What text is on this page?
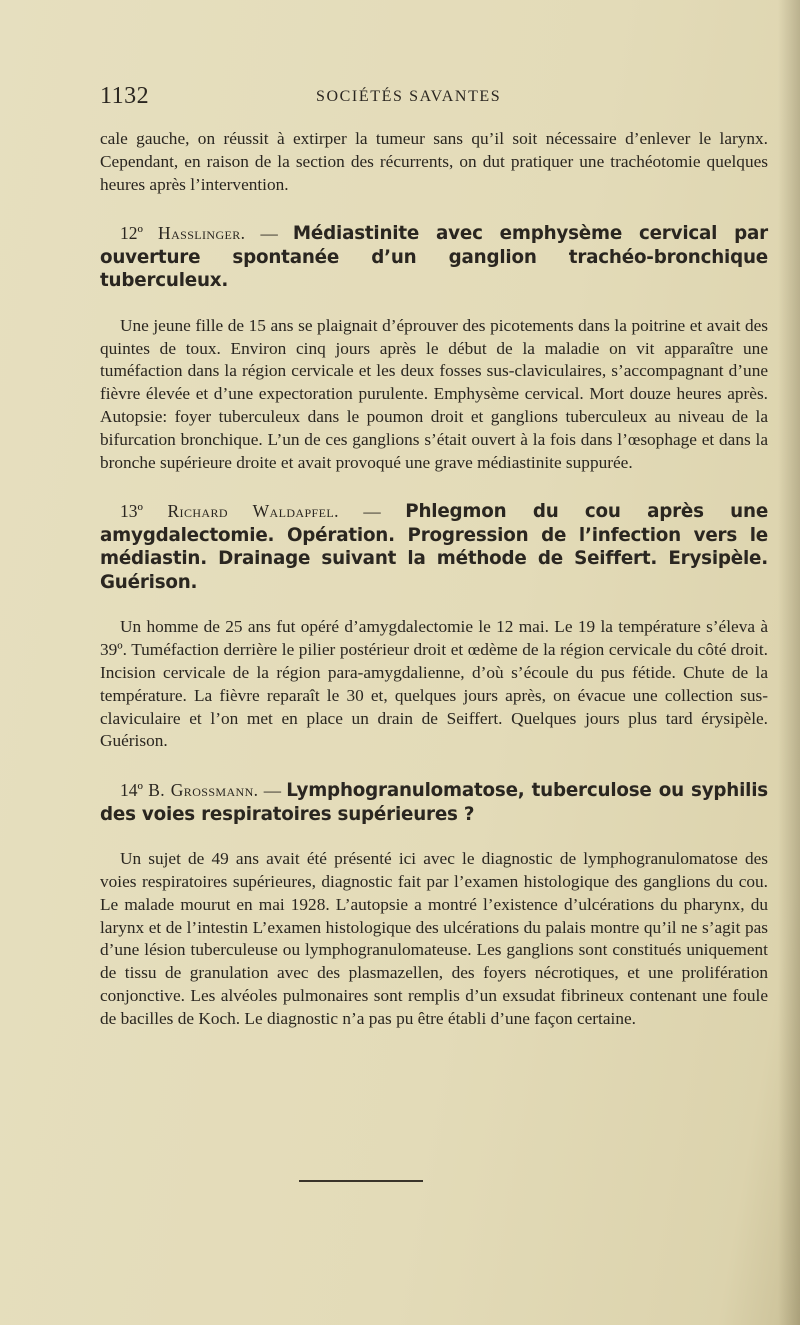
1132	SOCIÉTÉS SAVANTES

cale gauche, on réussit à extirper la tumeur sans qu’il soit nécessaire d’enlever le larynx. Cependant, en raison de la section des récurrents, on dut pratiquer une trachéotomie quelques heures après l’intervention.

12º Hasslinger. — Médiastinite avec emphysème cervical par ouverture spontanée d’un ganglion trachéo-bronchique tuberculeux.

Une jeune fille de 15 ans se plaignait d’éprouver des picotements dans la poitrine et avait des quintes de toux. Environ cinq jours après le début de la maladie on vit apparaître une tuméfaction dans la région cervicale et les deux fosses sus-claviculaires, s’accompagnant d’une fièvre élevée et d’une expectoration purulente. Emphysème cervical. Mort douze heures après. Autopsie: foyer tuberculeux dans le poumon droit et ganglions tuberculeux au niveau de la bifurcation bronchique. L’un de ces ganglions s’était ouvert à la fois dans l’œsophage et dans la bronche supérieure droite et avait provoqué une grave médiastinite suppurée.

13º Richard Waldapfel. — Phlegmon du cou après une amygdalectomie. Opération. Progression de l’infection vers le médiastin. Drainage suivant la méthode de Seiffert. Erysipèle. Guérison.

Un homme de 25 ans fut opéré d’amygdalectomie le 12 mai. Le 19 la température s’éleva à 39º. Tuméfaction derrière le pilier postérieur droit et œdème de la région cervicale du côté droit. Incision cervicale de la région para-amygdalienne, d’où s’écoule du pus fétide. Chute de la température. La fièvre reparaît le 30 et, quelques jours après, on évacue une collection sus-claviculaire et l’on met en place un drain de Seiffert. Quelques jours plus tard érysipèle. Guérison.

14º B. Grossmann. — Lymphogranulomatose, tuberculose ou syphilis des voies respiratoires supérieures ?

Un sujet de 49 ans avait été présenté ici avec le diagnostic de lymphogranulomatose des voies respiratoires supérieures, diagnostic fait par l’examen histologique des ganglions du cou. Le malade mourut en mai 1928. L’autopsie a montré l’existence d’ulcérations du pharynx, du larynx et de l’intestin L’examen histologique des ulcérations du palais montre qu’il ne s’agit pas d’une lésion tuberculeuse ou lymphogranulomateuse. Les ganglions sont constitués uniquement de tissu de granulation avec des plasmazellen, des foyers nécrotiques, et une prolifération conjonctive. Les alvéoles pulmonaires sont remplis d’un exsudat fibrineux contenant une foule de bacilles de Koch. Le diagnostic n’a pas pu être établi d’une façon certaine.
